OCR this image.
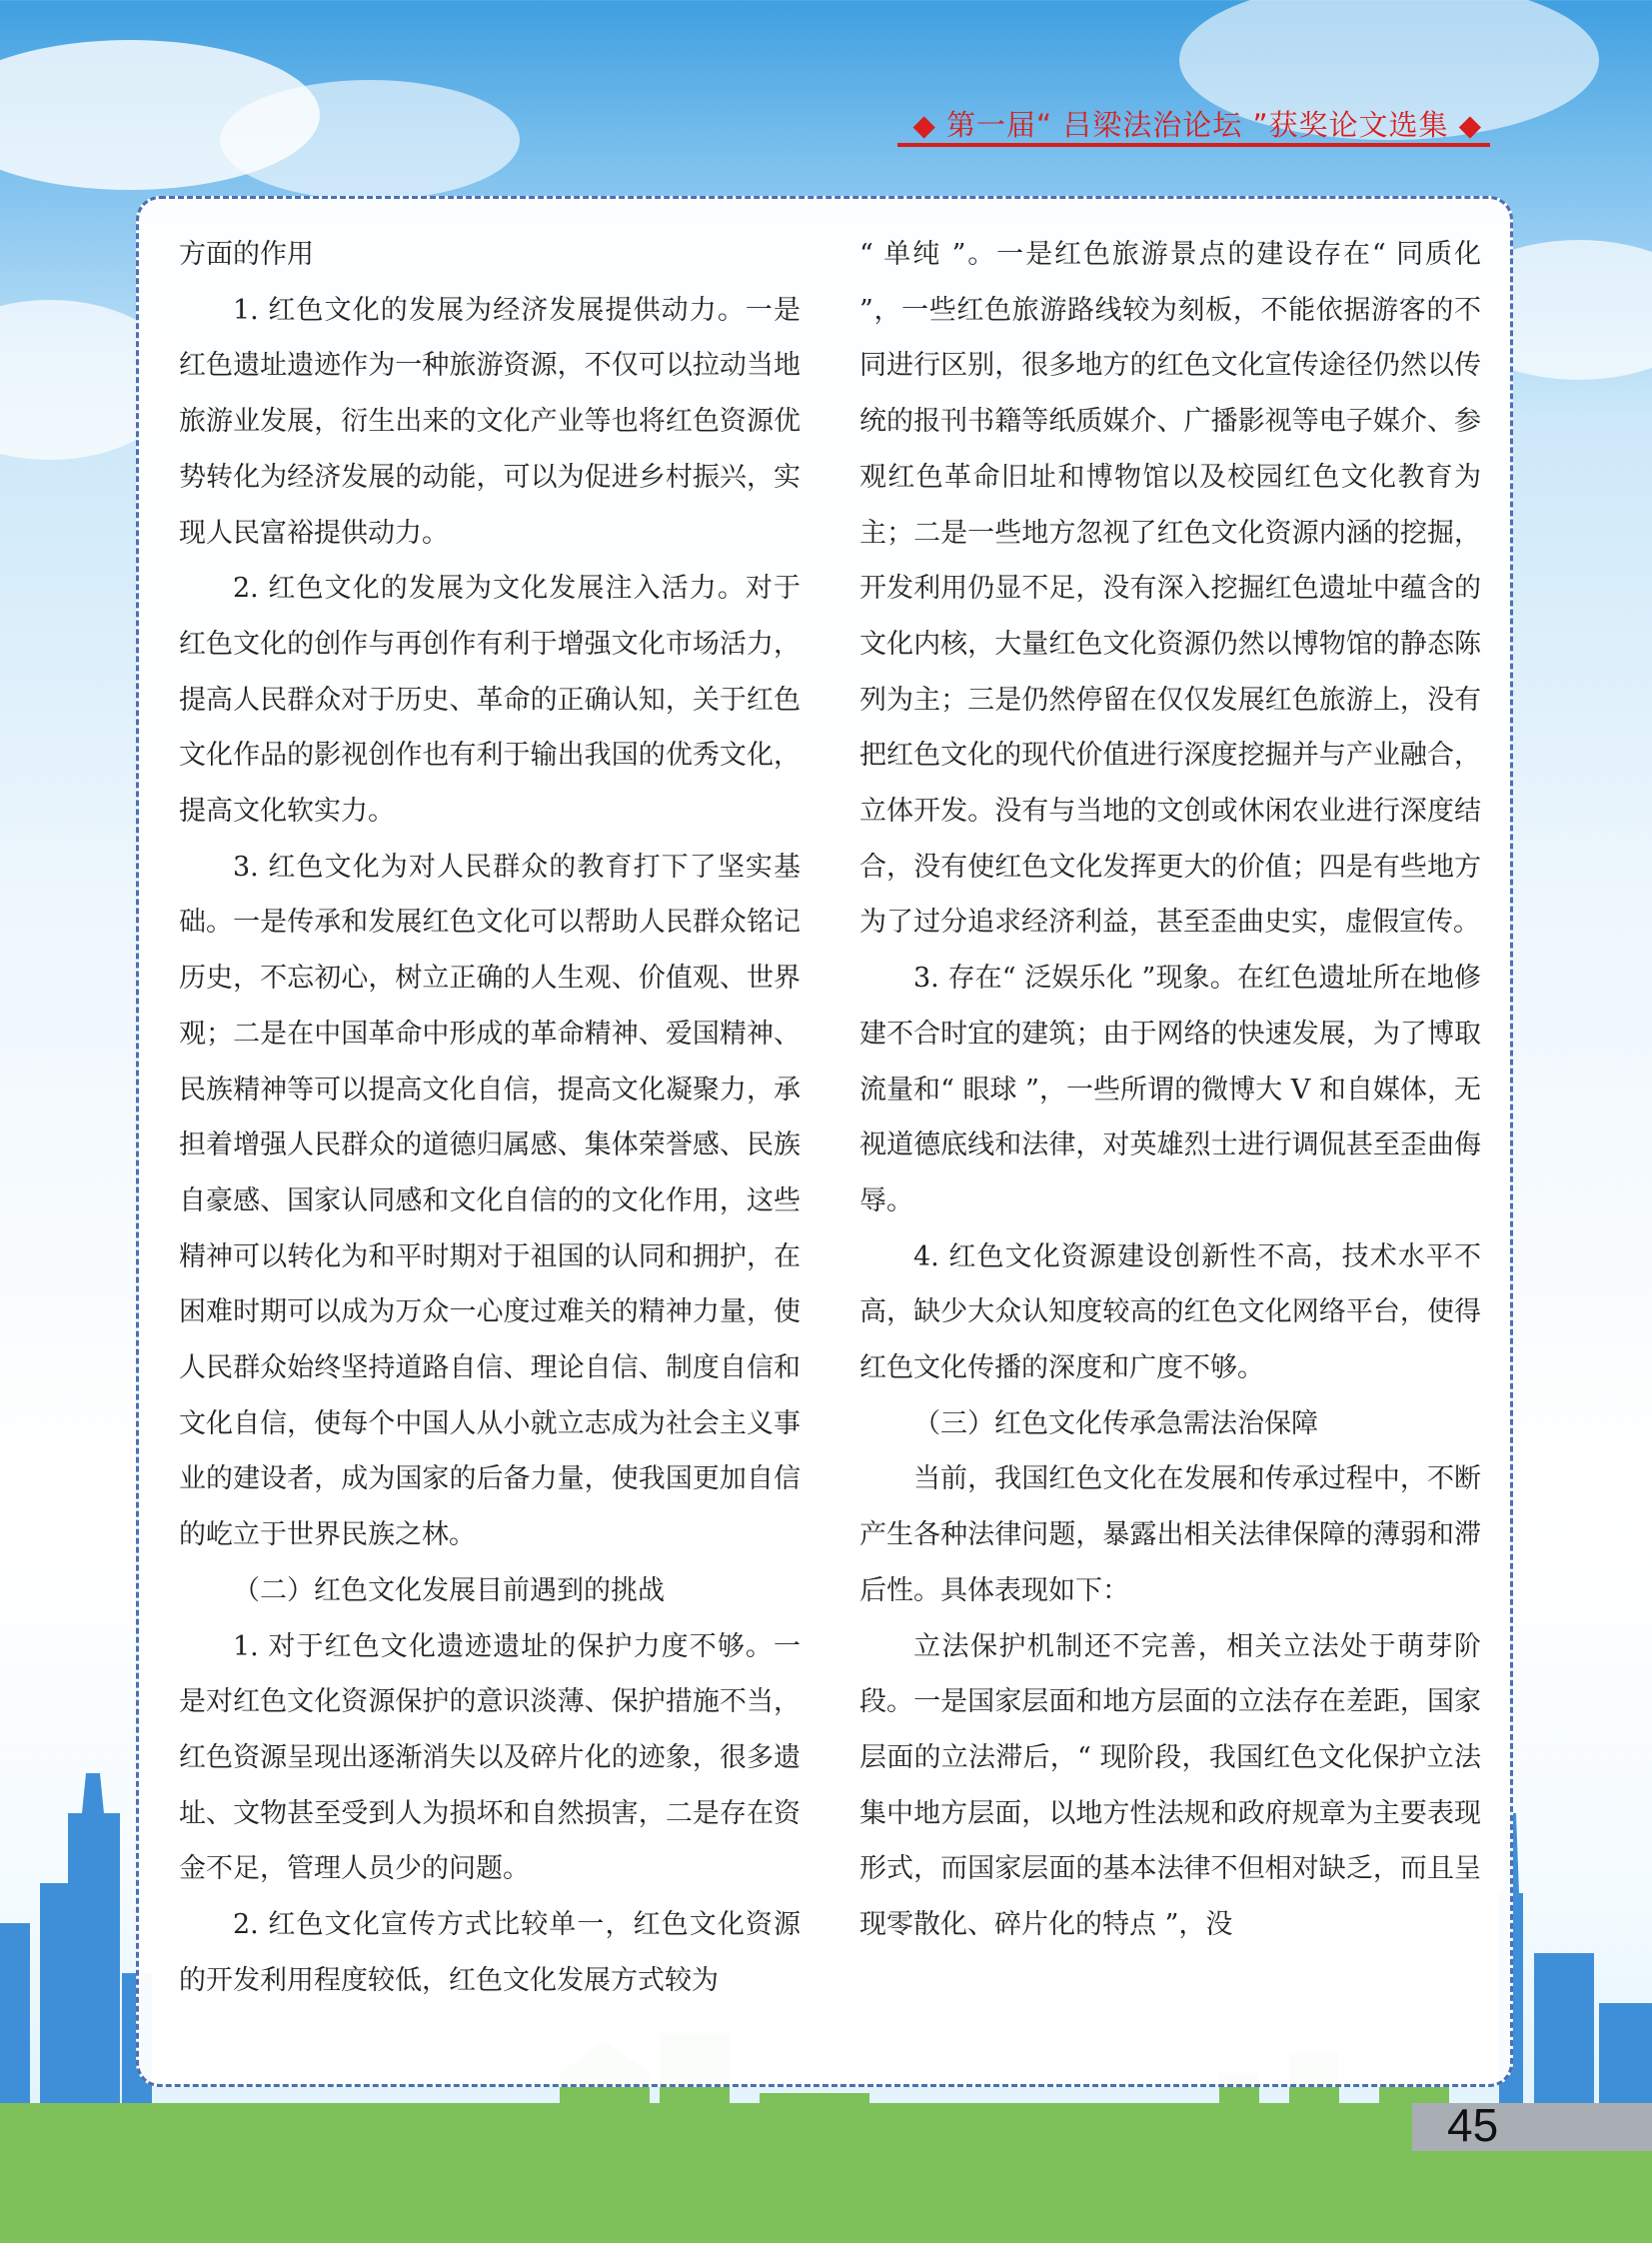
◆ 第一届“ 吕梁法治论坛 ”获奖论文选集 ◆

方面的作用

1. 红色文化的发展为经济发展提供动力。一是红色遗址遗迹作为一种旅游资源，不仅可以拉动当地旅游业发展，衍生出来的文化产业等也将红色资源优势转化为经济发展的动能，可以为促进乡村振兴，实现人民富裕提供动力。

2. 红色文化的发展为文化发展注入活力。对于红色文化的创作与再创作有利于增强文化市场活力，提高人民群众对于历史、革命的正确认知，关于红色文化作品的影视创作也有利于输出我国的优秀文化，提高文化软实力。

3. 红色文化为对人民群众的教育打下了坚实基础。一是传承和发展红色文化可以帮助人民群众铭记历史，不忘初心，树立正确的人生观、价值观、世界观；二是在中国革命中形成的革命精神、爱国精神、民族精神等可以提高文化自信，提高文化凝聚力，承担着增强人民群众的道德归属感、集体荣誉感、民族自豪感、国家认同感和文化自信的的文化作用，这些精神可以转化为和平时期对于祖国的认同和拥护，在困难时期可以成为万众一心度过难关的精神力量，使人民群众始终坚持道路自信、理论自信、制度自信和文化自信，使每个中国人从小就立志成为社会主义事业的建设者，成为国家的后备力量，使我国更加自信的屹立于世界民族之林。

（二）红色文化发展目前遇到的挑战

1. 对于红色文化遗迹遗址的保护力度不够。一是对红色文化资源保护的意识淡薄、保护措施不当，红色资源呈现出逐渐消失以及碎片化的迹象，很多遗址、文物甚至受到人为损坏和自然损害，二是存在资金不足，管理人员少的问题。

2. 红色文化宣传方式比较单一，红色文化资源的开发利用程度较低，红色文化发展方式较为

“ 单纯 ”。一是红色旅游景点的建设存在“ 同质化 ”，一些红色旅游路线较为刻板，不能依据游客的不同进行区别，很多地方的红色文化宣传途径仍然以传统的报刊书籍等纸质媒介、广播影视等电子媒介、参观红色革命旧址和博物馆以及校园红色文化教育为主；二是一些地方忽视了红色文化资源内涵的挖掘，开发利用仍显不足，没有深入挖掘红色遗址中蕴含的文化内核，大量红色文化资源仍然以博物馆的静态陈列为主；三是仍然停留在仅仅发展红色旅游上，没有把红色文化的现代价值进行深度挖掘并与产业融合，立体开发。没有与当地的文创或休闲农业进行深度结合，没有使红色文化发挥更大的价值；四是有些地方为了过分追求经济利益，甚至歪曲史实，虚假宣传。

3. 存在“ 泛娱乐化 ”现象。在红色遗址所在地修建不合时宜的建筑；由于网络的快速发展，为了博取流量和“ 眼球 ”，一些所谓的微博大 V 和自媒体，无视道德底线和法律，对英雄烈士进行调侃甚至歪曲侮辱。

4. 红色文化资源建设创新性不高，技术水平不高，缺少大众认知度较高的红色文化网络平台，使得红色文化传播的深度和广度不够。

（三）红色文化传承急需法治保障

当前，我国红色文化在发展和传承过程中，不断产生各种法律问题，暴露出相关法律保障的薄弱和滞后性。具体表现如下：

立法保护机制还不完善，相关立法处于萌芽阶段。一是国家层面和地方层面的立法存在差距，国家层面的立法滞后，“ 现阶段，我国红色文化保护立法集中地方层面，以地方性法规和政府规章为主要表现形式，而国家层面的基本法律不但相对缺乏，而且呈现零散化、碎片化的特点 ”，没

45
